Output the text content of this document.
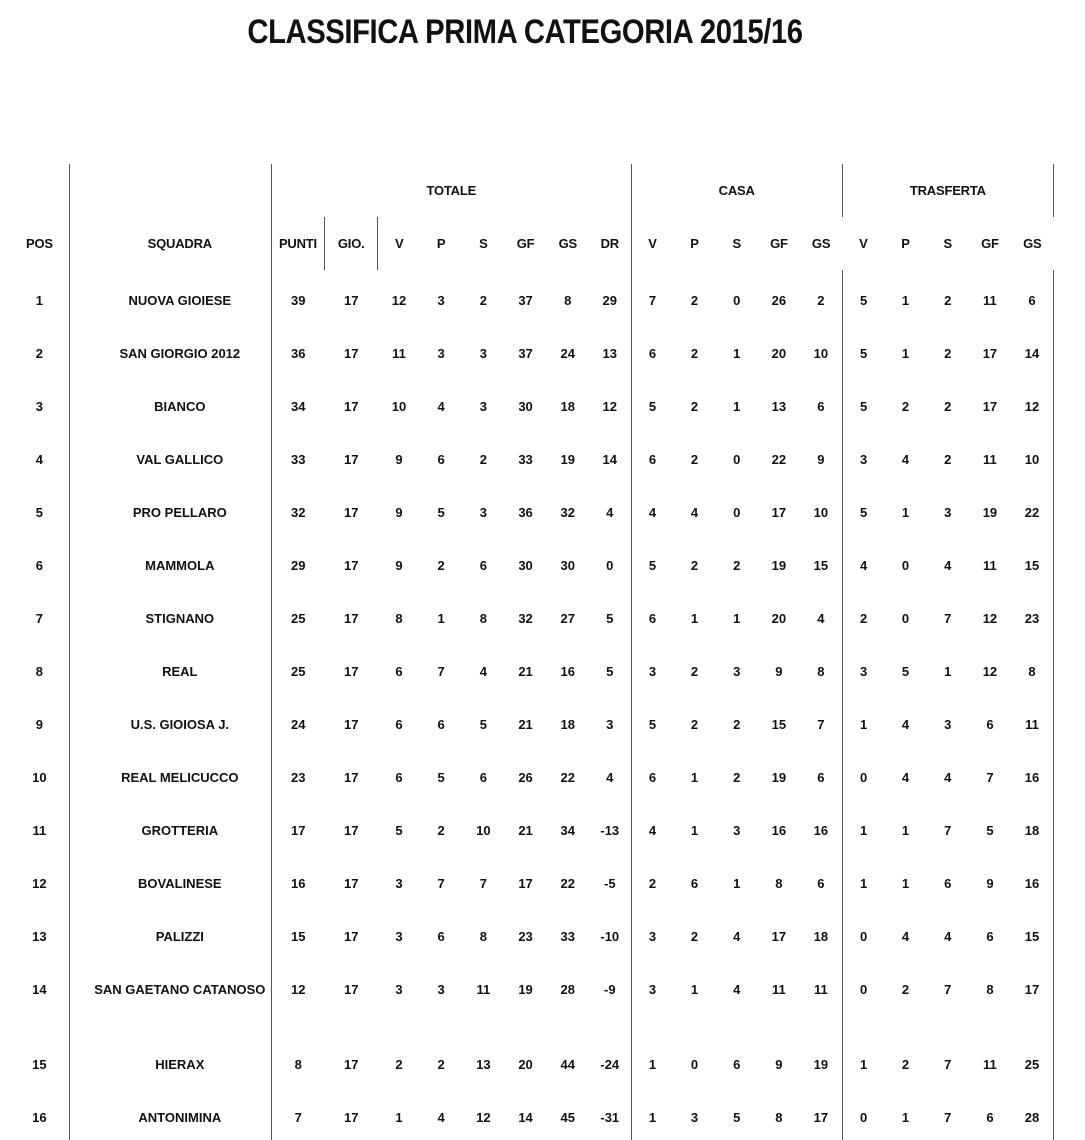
CLASSIFICA PRIMA CATEGORIA 2015/16
		TOTALE								CASA					TRASFERTA				
POS	SQUADRA	PUNTI	GIO.	V	P	S	GF	GS	DR	V	P	S	GF	GS	V	P	S	GF	GS
1	NUOVA GIOIESE	39	17	12	3	2	37	8	29	7	2	0	26	2	5	1	2	11	6
2	SAN GIORGIO 2012	36	17	11	3	3	37	24	13	6	2	1	20	10	5	1	2	17	14
3	BIANCO	34	17	10	4	3	30	18	12	5	2	1	13	6	5	2	2	17	12
4	VAL GALLICO	33	17	9	6	2	33	19	14	6	2	0	22	9	3	4	2	11	10
5	PRO PELLARO	32	17	9	5	3	36	32	4	4	4	0	17	10	5	1	3	19	22
6	MAMMOLA	29	17	9	2	6	30	30	0	5	2	2	19	15	4	0	4	11	15
7	STIGNANO	25	17	8	1	8	32	27	5	6	1	1	20	4	2	0	7	12	23
8	REAL	25	17	6	7	4	21	16	5	3	2	3	9	8	3	5	1	12	8
9	U.S. GIOIOSA J.	24	17	6	6	5	21	18	3	5	2	2	15	7	1	4	3	6	11
10	REAL MELICUCCO	23	17	6	5	6	26	22	4	6	1	2	19	6	0	4	4	7	16
11	GROTTERIA	17	17	5	2	10	21	34	-13	4	1	3	16	16	1	1	7	5	18
12	BOVALINESE	16	17	3	7	7	17	22	-5	2	6	1	8	6	1	1	6	9	16
13	PALIZZI	15	17	3	6	8	23	33	-10	3	2	4	17	18	0	4	4	6	15
14	SAN GAETANO CATANOSO	12	17	3	3	11	19	28	-9	3	1	4	11	11	0	2	7	8	17
15	HIERAX	8	17	2	2	13	20	44	-24	1	0	6	9	19	1	2	7	11	25
16	ANTONIMINA	7	17	1	4	12	14	45	-31	1	3	5	8	17	0	1	7	6	28
